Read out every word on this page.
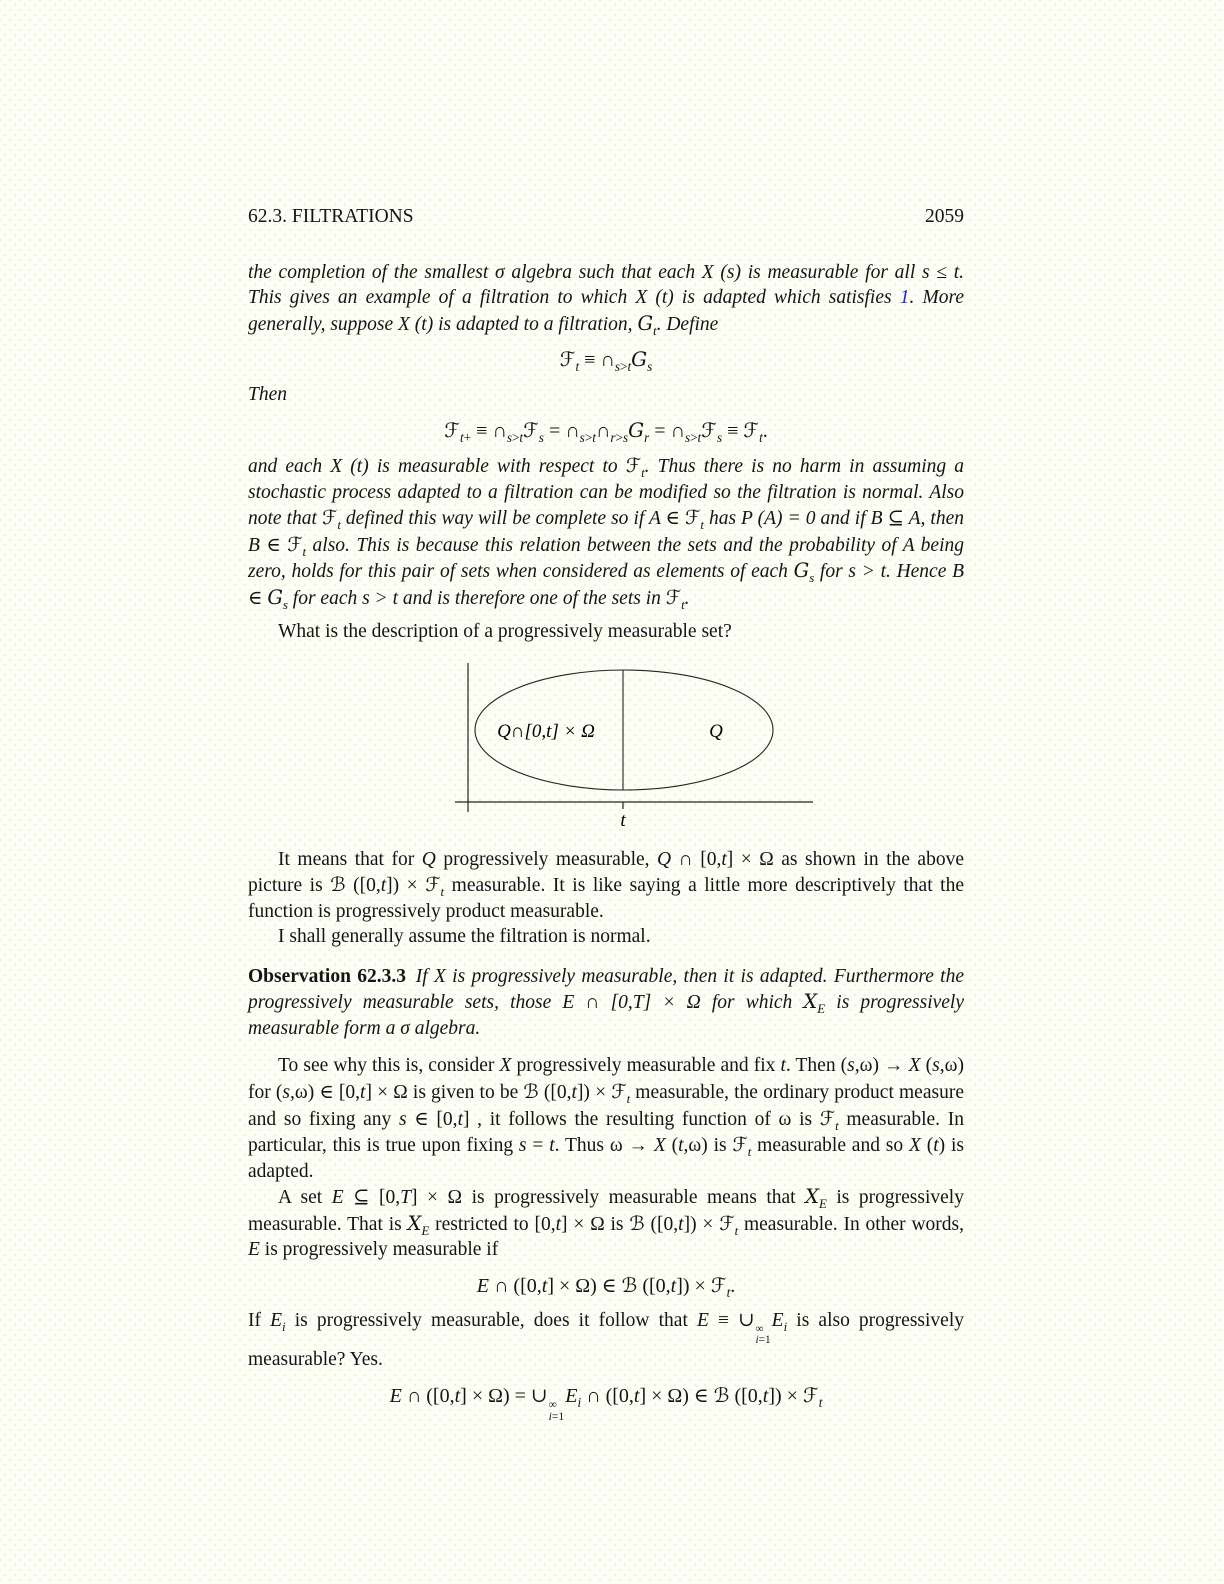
62.3. FILTRATIONS	2059

the completion of the smallest σ algebra such that each X (s) is measurable for all s ≤ t. This gives an example of a filtration to which X (t) is adapted which satisfies 1. More generally, suppose X (t) is adapted to a filtration, $G_t$. Define

ℱ$_t$ ≡ $\cap_{s>t}G_s$

Then

ℱ$_{t+}$ ≡ $\cap_{s>t}ℱ_s$ = $\cap_{s>t}\cap_{r>s}G_r$ = $\cap_{s>t}ℱ_s$ ≡ ℱ$_t$.

and each X (t) is measurable with respect to ℱ$_t$. Thus there is no harm in assuming a stochastic process adapted to a filtration can be modified so the filtration is normal. Also note that ℱ$_t$ defined this way will be complete so if A ∈ ℱ$_t$ has P (A) = 0 and if B ⊆ A, then B ∈ ℱ$_t$ also. This is because this relation between the sets and the probability of A being zero, holds for this pair of sets when considered as elements of each $G_s$ for s > t. Hence B ∈ $G_s$ for each s > t and is therefore one of the sets in ℱ$_t$.

What is the description of a progressively measurable set?

Q∩[0,t] × Ω	Q
t

It means that for Q progressively measurable, Q ∩ [0,t] × Ω as shown in the above picture is ℬ ([0,t]) × ℱ$_t$ measurable. It is like saying a little more descriptively that the function is progressively product measurable.

I shall generally assume the filtration is normal.

Observation 62.3.3  If X is progressively measurable, then it is adapted. Furthermore the progressively measurable sets, those E ∩ [0,T] × Ω for which $X_E$ is progressively measurable form a σ algebra.

To see why this is, consider X progressively measurable and fix t. Then (s,ω) → X (s,ω) for (s,ω) ∈ [0,t] × Ω is given to be ℬ ([0,t]) × ℱ$_t$ measurable, the ordinary product measure and so fixing any s ∈ [0,t] , it follows the resulting function of ω is ℱ$_t$ measurable. In particular, this is true upon fixing s = t. Thus ω → X (t,ω) is ℱ$_t$ measurable and so X (t) is adapted.

A set E ⊆ [0,T] × Ω is progressively measurable means that $X_E$ is progressively measurable. That is $X_E$ restricted to [0,t] × Ω is ℬ ([0,t]) × ℱ$_t$ measurable. In other words, E is progressively measurable if

E ∩ ([0,t] × Ω) ∈ ℬ ([0,t]) × ℱ$_t$.

If $E_i$ is progressively measurable, does it follow that E ≡ ∪ ∞
i=1
$E_i$ is also progressively measurable? Yes.

E ∩ ([0,t] × Ω) = ∪ ∞
i=1
$E_i$ ∩ ([0,t] × Ω) ∈ ℬ ([0,t]) × ℱ$_t$
